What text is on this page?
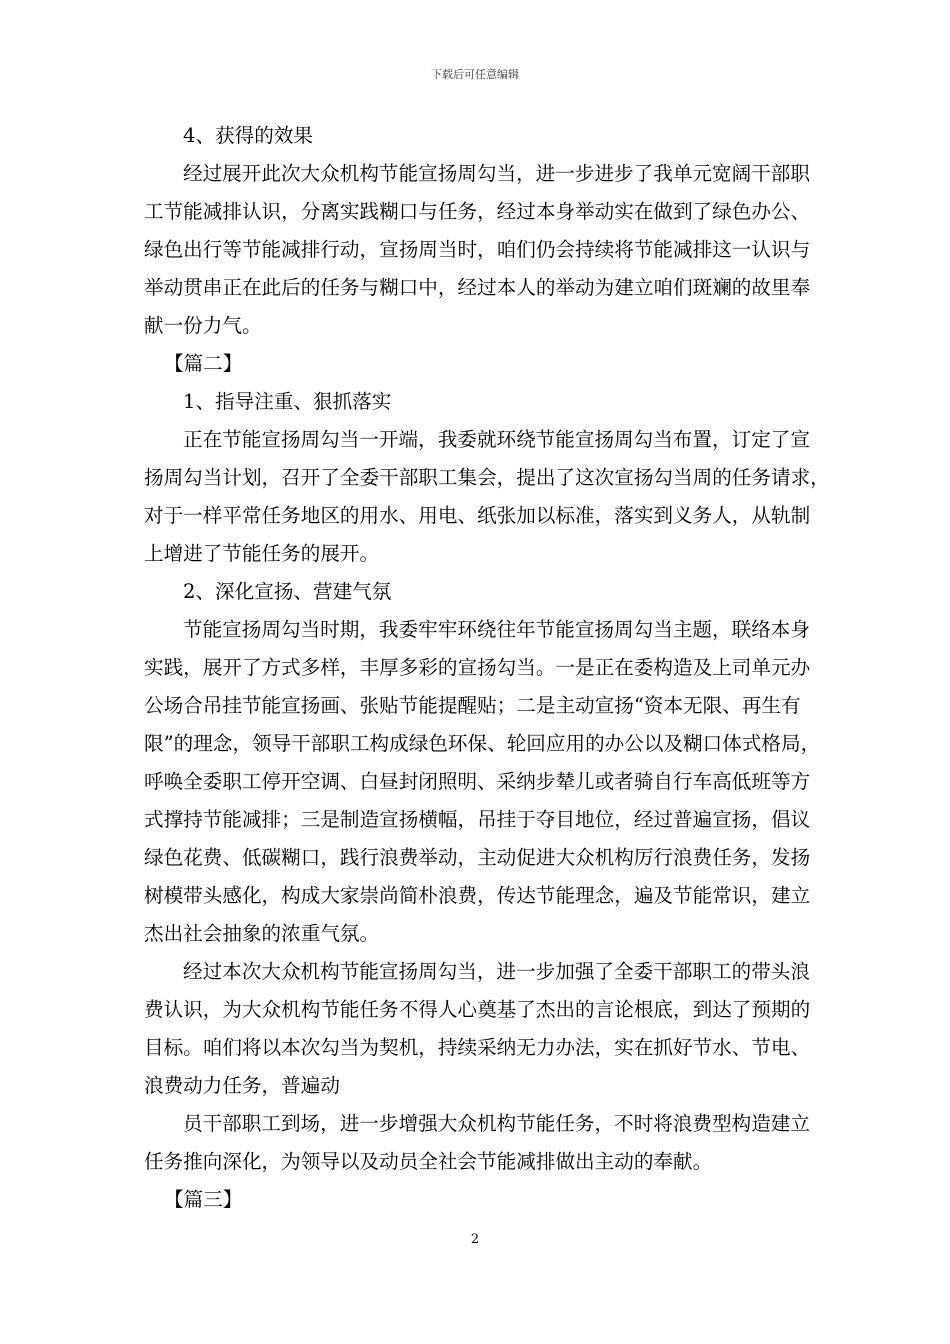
下载后可任意编辑
4、获得的效果
经过展开此次大众机构节能宣扬周勾当，进一步进步了我单元宽阔干部职
工节能减排认识，分离实践糊口与任务，经过本身举动实在做到了绿色办公、
绿色出行等节能减排行动，宣扬周当时，咱们仍会持续将节能减排这一认识与
举动贯串正在此后的任务与糊口中，经过本人的举动为建立咱们斑斓的故里奉
献一份力气。
【篇二】
1、指导注重、狠抓落实
正在节能宣扬周勾当一开端，我委就环绕节能宣扬周勾当布置，订定了宣
扬周勾当计划，召开了全委干部职工集会，提出了这次宣扬勾当周的任务请求，
对于一样平常任务地区的用水、用电、纸张加以标准，落实到义务人，从轨制
上增进了节能任务的展开。
2、深化宣扬、营建气氛
节能宣扬周勾当时期，我委牢牢环绕往年节能宣扬周勾当主题，联络本身
实践，展开了方式多样，丰厚多彩的宣扬勾当。一是正在委构造及上司单元办
公场合吊挂节能宣扬画、张贴节能提醒贴；二是主动宣扬“资本无限、再生有
限”的理念，领导干部职工构成绿色环保、轮回应用的办公以及糊口体式格局，
呼唤全委职工停开空调、白昼封闭照明、采纳步辇儿或者骑自行车高低班等方
式撑持节能减排；三是制造宣扬横幅，吊挂于夺目地位，经过普遍宣扬，倡议
绿色花费、低碳糊口，践行浪费举动，主动促进大众机构厉行浪费任务，发扬
树模带头感化，构成大家崇尚简朴浪费，传达节能理念，遍及节能常识，建立
杰出社会抽象的浓重气氛。
经过本次大众机构节能宣扬周勾当，进一步加强了全委干部职工的带头浪
费认识，为大众机构节能任务不得人心奠基了杰出的言论根底，到达了预期的
目标。咱们将以本次勾当为契机，持续采纳无力办法，实在抓好节水、节电、
浪费动力任务，普遍动
员干部职工到场，进一步增强大众机构节能任务，不时将浪费型构造建立
任务推向深化，为领导以及动员全社会节能减排做出主动的奉献。
【篇三】
2
